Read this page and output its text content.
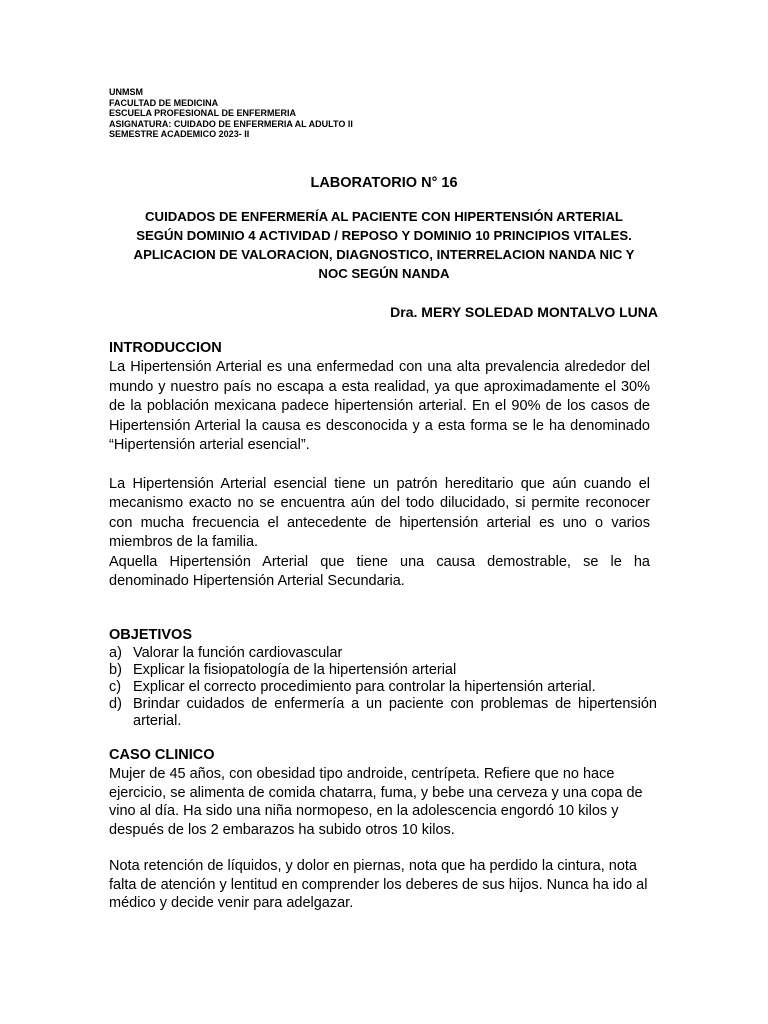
UNMSM
FACULTAD DE MEDICINA
ESCUELA PROFESIONAL DE ENFERMERIA
ASIGNATURA: CUIDADO DE ENFERMERIA AL ADULTO II
SEMESTRE ACADEMICO 2023- II
LABORATORIO N° 16
CUIDADOS DE ENFERMERÍA AL PACIENTE CON HIPERTENSIÓN ARTERIAL
SEGÚN DOMINIO 4 ACTIVIDAD / REPOSO Y DOMINIO 10 PRINCIPIOS VITALES.
APLICACION DE VALORACION, DIAGNOSTICO, INTERRELACION NANDA NIC Y
NOC SEGÚN NANDA
Dra. MERY SOLEDAD MONTALVO LUNA
INTRODUCCION

La Hipertensión Arterial es una enfermedad con una alta prevalencia alrededor del mundo y nuestro país no escapa a esta realidad, ya que aproximadamente el 30% de la población mexicana padece hipertensión arterial. En el 90% de los casos de Hipertensión Arterial la causa es desconocida y a esta forma se le ha denominado “Hipertensión arterial esencial”.

La Hipertensión Arterial esencial tiene un patrón hereditario que aún cuando el mecanismo exacto no se encuentra aún del todo dilucidado, si permite reconocer con mucha frecuencia el antecedente de hipertensión arterial es uno o varios miembros de la familia.

Aquella Hipertensión Arterial que tiene una causa demostrable, se le ha denominado Hipertensión Arterial Secundaria.

OBJETIVOS
a) Valorar la función cardiovascular
b) Explicar la fisiopatología de la hipertensión arterial
c) Explicar el correcto procedimiento para controlar la hipertensión arterial.
d) Brindar cuidados de enfermería a un paciente con problemas de hipertensión arterial.
CASO CLINICO

Mujer de 45 años, con obesidad tipo androide, centrípeta. Refiere que no hace ejercicio, se alimenta de comida chatarra, fuma, y bebe una cerveza y una copa de vino al día. Ha sido una niña normopeso, en la adolescencia engordó 10 kilos y después de los 2 embarazos ha subido otros 10 kilos.

Nota retención de líquidos, y dolor en piernas, nota que ha perdido la cintura, nota falta de atención y lentitud en comprender los deberes de sus hijos. Nunca ha ido al médico y decide venir para adelgazar.
